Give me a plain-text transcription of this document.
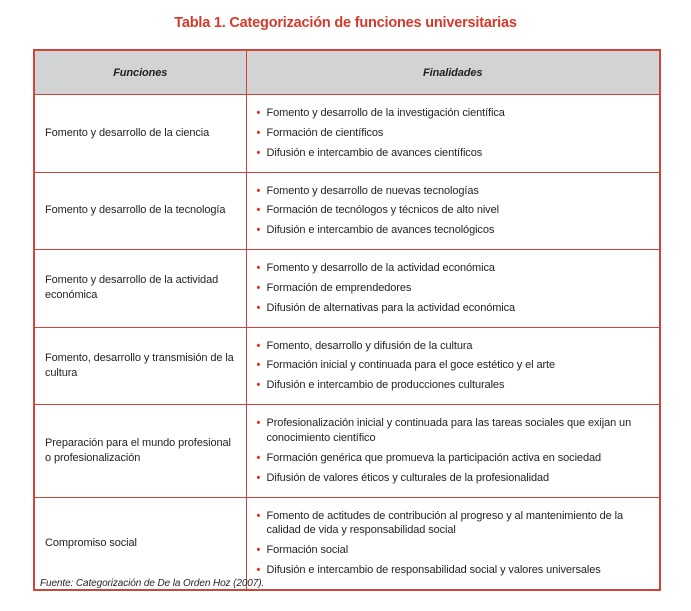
Tabla 1. Categorización de funciones universitarias
Funciones	Finalidades
Fomento y desarrollo de la ciencia	
• Fomento y desarrollo de la investigación científica
• Formación de científicos
• Difusión e intercambio de avances científicos

Fomento y desarrollo de la tecnología	
• Fomento y desarrollo de nuevas tecnologías
• Formación de tecnólogos y técnicos de alto nivel
• Difusión e intercambio de avances tecnológicos

Fomento y desarrollo de la actividad económica	
• Fomento y desarrollo de la actividad económica
• Formación de emprendedores
• Difusión de alternativas para la actividad económica

Fomento, desarrollo y transmisión de la cultura	
• Fomento, desarrollo y difusión de la cultura
• Formación inicial y continuada para el goce estético y el arte
• Difusión e intercambio de producciones culturales

Preparación para el mundo profesional o profesionalización	
• Profesionalización inicial y continuada para las tareas sociales que exijan un conocimiento científico
• Formación genérica que promueva la participación activa en sociedad
• Difusión de valores éticos y culturales de la profesionalidad

Compromiso social	
• Fomento de actitudes de contribución al progreso y al mantenimiento de la calidad de vida y responsabilidad social
• Formación social
• Difusión e intercambio de responsabilidad social y valores universales
Fuente: Categorización de De la Orden Hoz (2007).
